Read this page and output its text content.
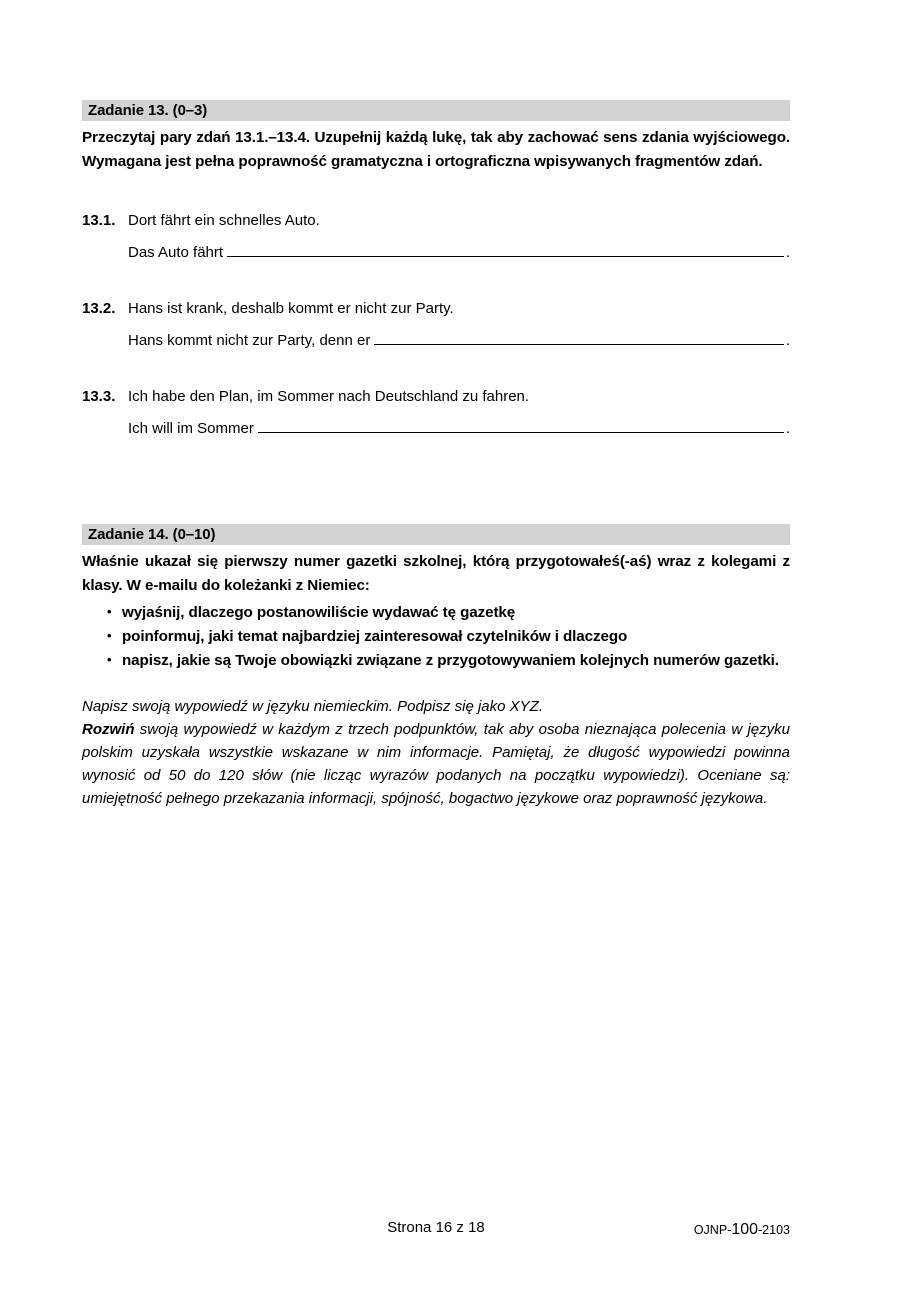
Zadanie 13. (0–3)
Przeczytaj pary zdań 13.1.–13.4. Uzupełnij każdą lukę, tak aby zachować sens zdania wyjściowego. Wymagana jest pełna poprawność gramatyczna i ortograficzna wpisywanych fragmentów zdań.
13.1. Dort fährt ein schnelles Auto.
Das Auto fährt	.
13.2. Hans ist krank, deshalb kommt er nicht zur Party.
Hans kommt nicht zur Party, denn er	.
13.3. Ich habe den Plan, im Sommer nach Deutschland zu fahren.
Ich will im Sommer	.
Zadanie 14. (0–10)
Właśnie ukazał się pierwszy numer gazetki szkolnej, którą przygotowałeś(-aś) wraz z kolegami z klasy. W e-mailu do koleżanki z Niemiec:
• wyjaśnij, dlaczego postanowiliście wydawać tę gazetkę
• poinformuj, jaki temat najbardziej zainteresował czytelników i dlaczego
• napisz, jakie są Twoje obowiązki związane z przygotowywaniem kolejnych numerów gazetki.

Napisz swoją wypowiedź w języku niemieckim. Podpisz się jako XYZ.

Rozwiń swoją wypowiedź w każdym z trzech podpunktów, tak aby osoba nieznająca polecenia w języku polskim uzyskała wszystkie wskazane w nim informacje. Pamiętaj, że długość wypowiedzi powinna wynosić od 50 do 120 słów (nie licząc wyrazów podanych na początku wypowiedzi). Oceniane są: umiejętność pełnego przekazania informacji, spójność, bogactwo językowe oraz poprawność językowa.

Strona 16 z 18	OJNP-100-2103
